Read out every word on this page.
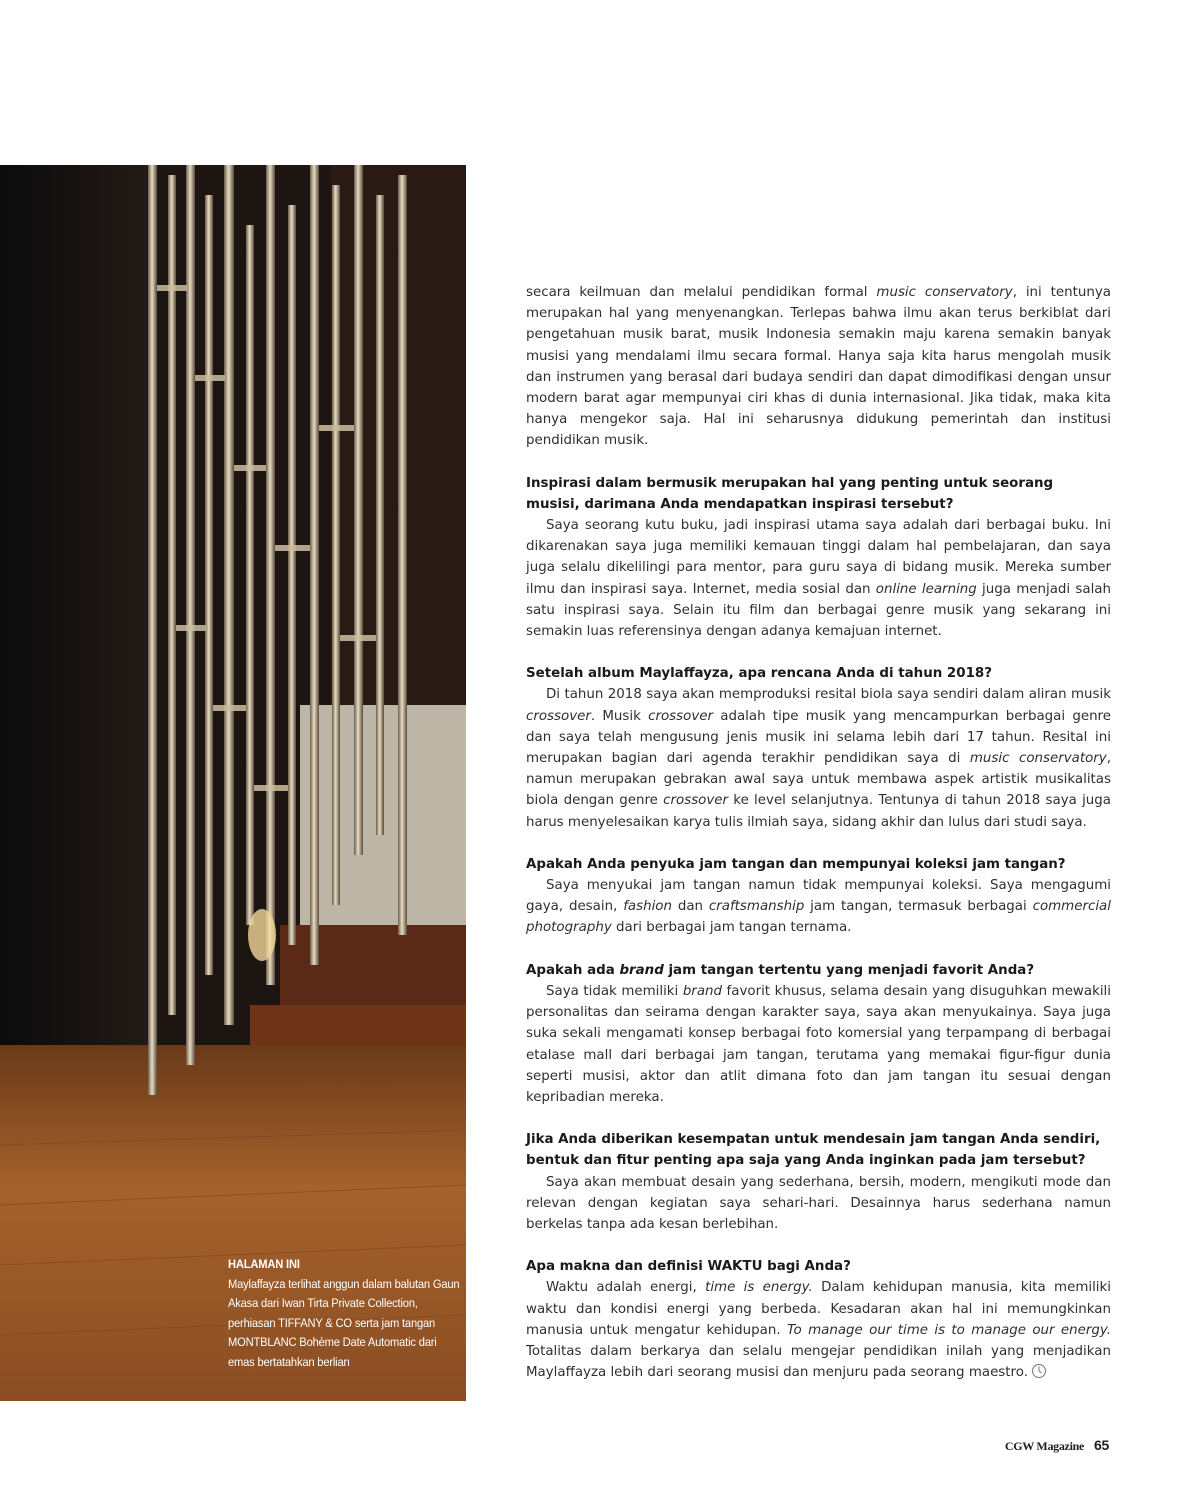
HALAMAN INI
Maylaffayza terlihat anggun dalam balutan Gaun Akasa dari Iwan Tirta Private Collection, perhiasan TIFFANY & CO serta jam tangan MONTBLANC Bohème Date Automatic dari emas bertatahkan berlian

secara keilmuan dan melalui pendidikan formal music conservatory, ini tentunya merupakan hal yang menyenangkan. Terlepas bahwa ilmu akan terus berkiblat dari pengetahuan musik barat, musik Indonesia semakin maju karena semakin banyak musisi yang mendalami ilmu secara formal. Hanya saja kita harus mengolah musik dan instrumen yang berasal dari budaya sendiri dan dapat dimodifikasi dengan unsur modern barat agar mempunyai ciri khas di dunia internasional. Jika tidak, maka kita hanya mengekor saja. Hal ini seharusnya didukung pemerintah dan institusi pendidikan musik.

Inspirasi dalam bermusik merupakan hal yang penting untuk seorang musisi, darimana Anda mendapatkan inspirasi tersebut?

Saya seorang kutu buku, jadi inspirasi utama saya adalah dari berbagai buku. Ini dikarenakan saya juga memiliki kemauan tinggi dalam hal pembelajaran, dan saya juga selalu dikelilingi para mentor, para guru saya di bidang musik. Mereka sumber ilmu dan inspirasi saya. Internet, media sosial dan online learning juga menjadi salah satu inspirasi saya. Selain itu film dan berbagai genre musik yang sekarang ini semakin luas referensinya dengan adanya kemajuan internet.

Setelah album Maylaffayza, apa rencana Anda di tahun 2018?

Di tahun 2018 saya akan memproduksi resital biola saya sendiri dalam aliran musik crossover. Musik crossover adalah tipe musik yang mencampurkan berbagai genre dan saya telah mengusung jenis musik ini selama lebih dari 17 tahun. Resital ini merupakan bagian dari agenda terakhir pendidikan saya di music conservatory, namun merupakan gebrakan awal saya untuk membawa aspek artistik musikalitas biola dengan genre crossover ke level selanjutnya. Tentunya di tahun 2018 saya juga harus menyelesaikan karya tulis ilmiah saya, sidang akhir dan lulus dari studi saya.

Apakah Anda penyuka jam tangan dan mempunyai koleksi jam tangan?

Saya menyukai jam tangan namun tidak mempunyai koleksi. Saya mengagumi gaya, desain, fashion dan craftsmanship jam tangan, termasuk berbagai commercial photography dari berbagai jam tangan ternama.

Apakah ada brand jam tangan tertentu yang menjadi favorit Anda?

Saya tidak memiliki brand favorit khusus, selama desain yang disuguhkan mewakili personalitas dan seirama dengan karakter saya, saya akan menyukainya. Saya juga suka sekali mengamati konsep berbagai foto komersial yang terpampang di berbagai etalase mall dari berbagai jam tangan, terutama yang memakai figur-figur dunia seperti musisi, aktor dan atlit dimana foto dan jam tangan itu sesuai dengan kepribadian mereka.

Jika Anda diberikan kesempatan untuk mendesain jam tangan Anda sendiri, bentuk dan fitur penting apa saja yang Anda inginkan pada jam tersebut?

Saya akan membuat desain yang sederhana, bersih, modern, mengikuti mode dan relevan dengan kegiatan saya sehari-hari. Desainnya harus sederhana namun berkelas tanpa ada kesan berlebihan.

Apa makna dan definisi WAKTU bagi Anda?

Waktu adalah energi, time is energy. Dalam kehidupan manusia, kita memiliki waktu dan kondisi energi yang berbeda. Kesadaran akan hal ini memungkinkan manusia untuk mengatur kehidupan. To manage our time is to manage our energy. Totalitas dalam berkarya dan selalu mengejar pendidikan inilah yang menjadikan Maylaffayza lebih dari seorang musisi dan menjuru pada seorang maestro.

CGW Magazine 65
